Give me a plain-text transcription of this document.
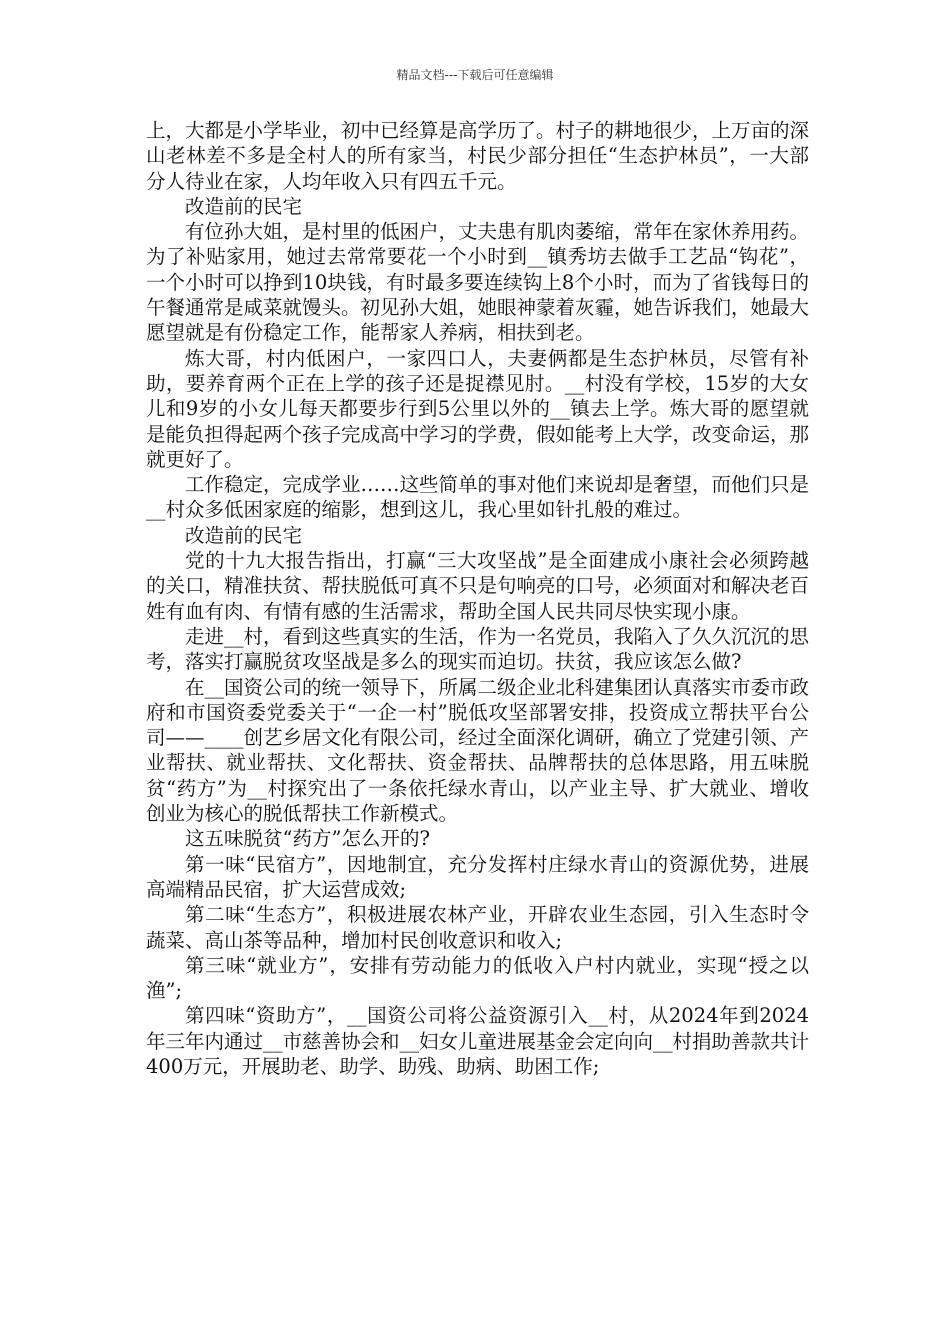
精品文档---下载后可任意编辑

上，大都是小学毕业，初中已经算是高学历了。村子的耕地很少，上万亩的深山老林差不多是全村人的所有家当，村民少部分担任“生态护林员”，一大部分人待业在家，人均年收入只有四五千元。

改造前的民宅

有位孙大姐，是村里的低困户，丈夫患有肌肉萎缩，常年在家休养用药。为了补贴家用，她过去常常要花一个小时到__镇秀坊去做手工艺品“钩花”，一个小时可以挣到10块钱，有时最多要连续钩上8个小时，而为了省钱每日的午餐通常是咸菜就馒头。初见孙大姐，她眼神蒙着灰霾，她告诉我们，她最大愿望就是有份稳定工作，能帮家人养病，相扶到老。

炼大哥，村内低困户，一家四口人，夫妻俩都是生态护林员，尽管有补助，要养育两个正在上学的孩子还是捉襟见肘。__村没有学校，15岁的大女儿和9岁的小女儿每天都要步行到5公里以外的__镇去上学。炼大哥的愿望就是能负担得起两个孩子完成高中学习的学费，假如能考上大学，改变命运，那就更好了。

工作稳定，完成学业……这些简单的事对他们来说却是奢望，而他们只是__村众多低困家庭的缩影，想到这儿，我心里如针扎般的难过。

改造前的民宅

党的十九大报告指出，打赢“三大攻坚战”是全面建成小康社会必须跨越的关口，精准扶贫、帮扶脱低可真不只是句响亮的口号，必须面对和解决老百姓有血有肉、有情有感的生活需求，帮助全国人民共同尽快实现小康。

走进__村，看到这些真实的生活，作为一名党员，我陷入了久久沉沉的思考，落实打赢脱贫攻坚战是多么的现实而迫切。扶贫，我应该怎么做?

在__国资公司的统一领导下，所属二级企业北科建集团认真落实市委市政府和市国资委党委关于“一企一村”脱低攻坚部署安排，投资成立帮扶平台公司——____创艺乡居文化有限公司，经过全面深化调研，确立了党建引领、产业帮扶、就业帮扶、文化帮扶、资金帮扶、品牌帮扶的总体思路，用五味脱贫“药方”为__村探究出了一条依托绿水青山，以产业主导、扩大就业、增收创业为核心的脱低帮扶工作新模式。

这五味脱贫“药方”怎么开的?

第一味“民宿方”，因地制宜，充分发挥村庄绿水青山的资源优势，进展高端精品民宿，扩大运营成效;

第二味“生态方”，积极进展农林产业，开辟农业生态园，引入生态时令蔬菜、高山茶等品种，增加村民创收意识和收入;

第三味“就业方”，安排有劳动能力的低收入户村内就业，实现“授之以渔”;

第四味“资助方”，__国资公司将公益资源引入__村，从2024年到2024年三年内通过__市慈善协会和__妇女儿童进展基金会定向向__村捐助善款共计400万元，开展助老、助学、助残、助病、助困工作;
